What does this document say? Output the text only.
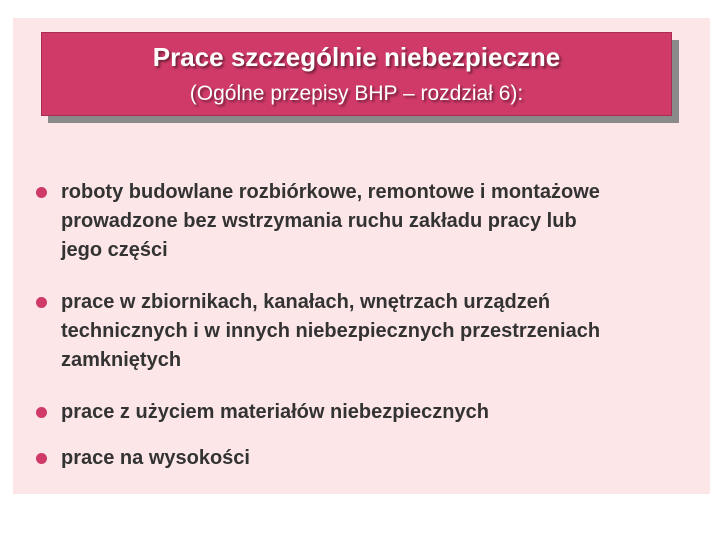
Prace szczególnie niebezpieczne
(Ogólne przepisy BHP – rozdział 6):
roboty budowlane rozbiórkowe, remontowe i montażowe
prowadzone bez wstrzymania ruchu zakładu pracy lub
jego części
prace w zbiornikach, kanałach, wnętrzach urządzeń
technicznych i w innych niebezpiecznych przestrzeniach
zamkniętych
prace z użyciem materiałów niebezpiecznych
prace na wysokości
